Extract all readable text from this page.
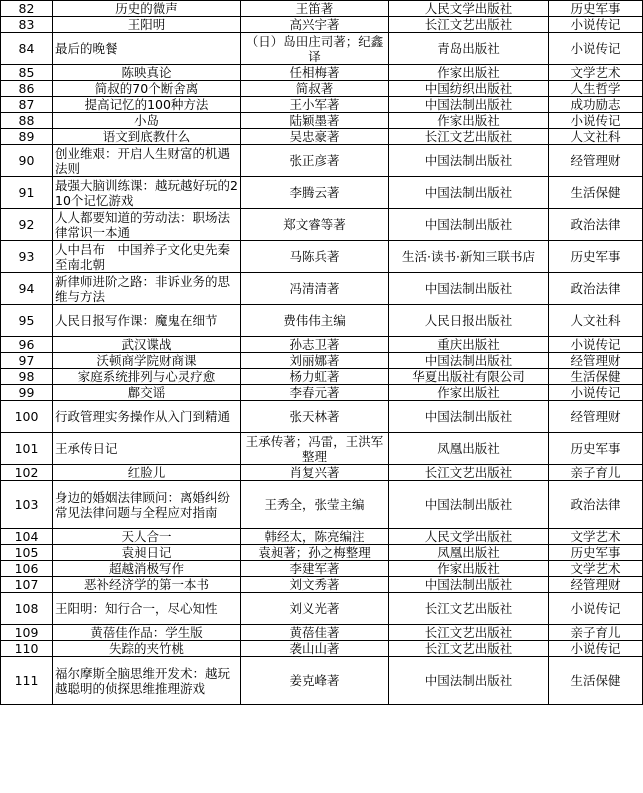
82	历史的微声	王笛著	人民文学出版社	历史军事
83	王阳明	高兴宇著	长江文艺出版社	小说传记
84	最后的晚餐	（日）岛田庄司著；纪鑫译	青岛出版社	小说传记
85	陈映真论	任相梅著	作家出版社	文学艺术
86	简叔的70个断舍离	简叔著	中国纺织出版社	人生哲学
87	提高记忆的100种方法	王小军著	中国法制出版社	成功励志
88	小岛	陆颖墨著	作家出版社	小说传记
89	语文到底教什么	吴忠豪著	长江文艺出版社	人文社科
90	创业维艰：开启人生财富的机遇法则	张正彦著	中国法制出版社	经管理财
91	最强大脑训练课：越玩越好玩的210个记忆游戏	李腾云著	中国法制出版社	生活保健
92	人人都要知道的劳动法：职场法律常识一本通	郑文睿等著	中国法制出版社	政治法律
93	人中吕布　中国养子文化史先秦至南北朝	马陈兵著	生活·读书·新知三联书店	历史军事
94	新律师进阶之路：非诉业务的思维与方法	冯清清著	中国法制出版社	政治法律
95	人民日报写作课：魔鬼在细节	费伟伟主编	人民日报出版社	人文社科
96	武汉谍战	孙志卫著	重庆出版社	小说传记
97	沃顿商学院财商课	刘丽娜著	中国法制出版社	经管理财
98	家庭系统排列与心灵疗愈	杨力虹著	华夏出版社有限公司	生活保健
99	鄜交谣	李春元著	作家出版社	小说传记
100	行政管理实务操作从入门到精通	张天林著	中国法制出版社	经管理财
101	王承传日记	王承传著；冯雷，王洪军整理	凤凰出版社	历史军事
102	红脸儿	肖复兴著	长江文艺出版社	亲子育儿
103	身边的婚姻法律顾问：离婚纠纷常见法律问题与全程应对指南	王秀全，张莹主编	中国法制出版社	政治法律
104	天人合一	韩经太，陈亮编注	人民文学出版社	文学艺术
105	袁昶日记	袁昶著；孙之梅整理	凤凰出版社	历史军事
106	超越消极写作	李建军著	作家出版社	文学艺术
107	恶补经济学的第一本书	刘文秀著	中国法制出版社	经管理财
108	王阳明：知行合一，尽心知性	刘义光著	长江文艺出版社	小说传记
109	黄蓓佳作品：学生版	黄蓓佳著	长江文艺出版社	亲子育儿
110	失踪的夹竹桃	袭山山著	长江文艺出版社	小说传记
111	福尔摩斯全脑思维开发术：越玩越聪明的侦探思维推理游戏	姜克峰著	中国法制出版社	生活保健
